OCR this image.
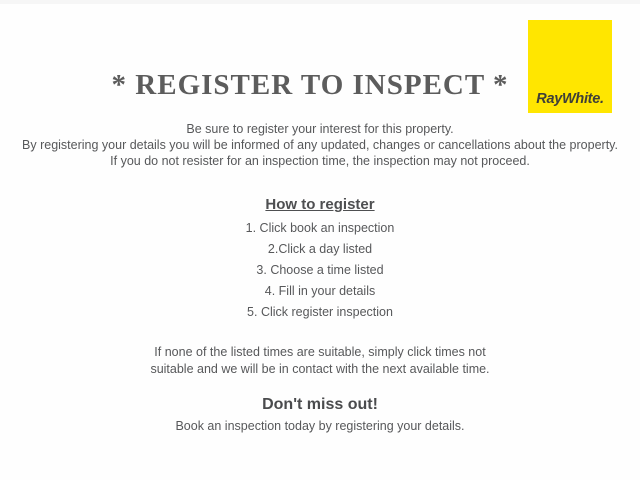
* REGISTER TO INSPECT *	RayWhite.
Be sure to register your interest for this property.
By registering your details you will be informed of any updated, changes or cancellations about the property.
If you do not resister for an inspection time, the inspection may not proceed.
How to register
1. Click book an inspection
2.Click a day listed
3. Choose a time listed
4. Fill in your details
5. Click register inspection
If none of the listed times are suitable, simply click times not
suitable and we will be in contact with the next available time.
Don't miss out!
Book an inspection today by registering your details.
